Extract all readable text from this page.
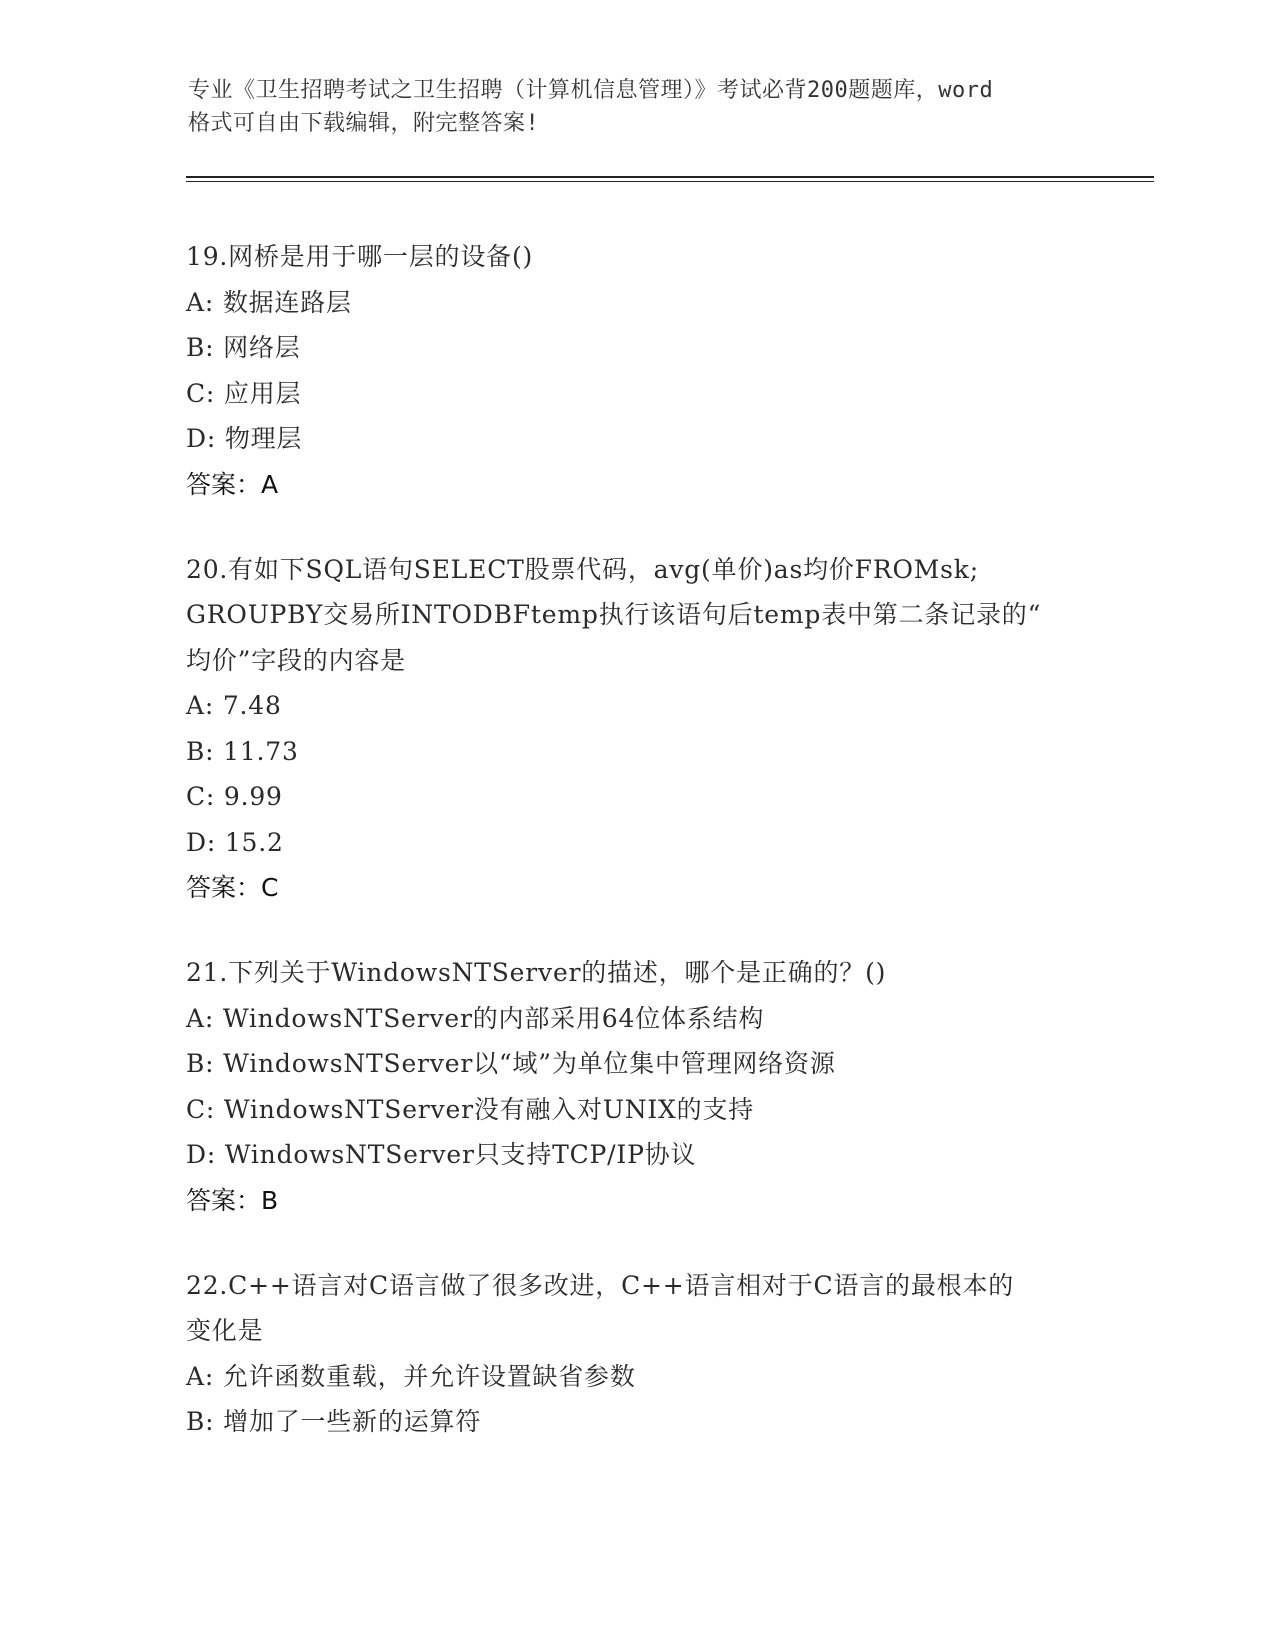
专业《卫生招聘考试之卫生招聘（计算机信息管理）》考试必背200题题库，word
格式可自由下载编辑，附完整答案!

19.网桥是用于哪一层的设备()

A: 数据连路层

B: 网络层

C: 应用层

D: 物理层

答案：A

20.有如下SQL语句SELECT股票代码，avg(单价)as均价FROMsk;

GROUPBY交易所INTODBFtemp执行该语句后temp表中第二条记录的“

均价”字段的内容是

A: 7.48

B: 11.73

C: 9.99

D: 15.2

答案：C

21.下列关于WindowsNTServer的描述，哪个是正确的？()

A: WindowsNTServer的内部采用64位体系结构

B: WindowsNTServer以“域”为单位集中管理网络资源

C: WindowsNTServer没有融入对UNIX的支持

D: WindowsNTServer只支持TCP/IP协议

答案：B

22.C++语言对C语言做了很多改进，C++语言相对于C语言的最根本的

变化是

A: 允许函数重载，并允许设置缺省参数

B: 增加了一些新的运算符
